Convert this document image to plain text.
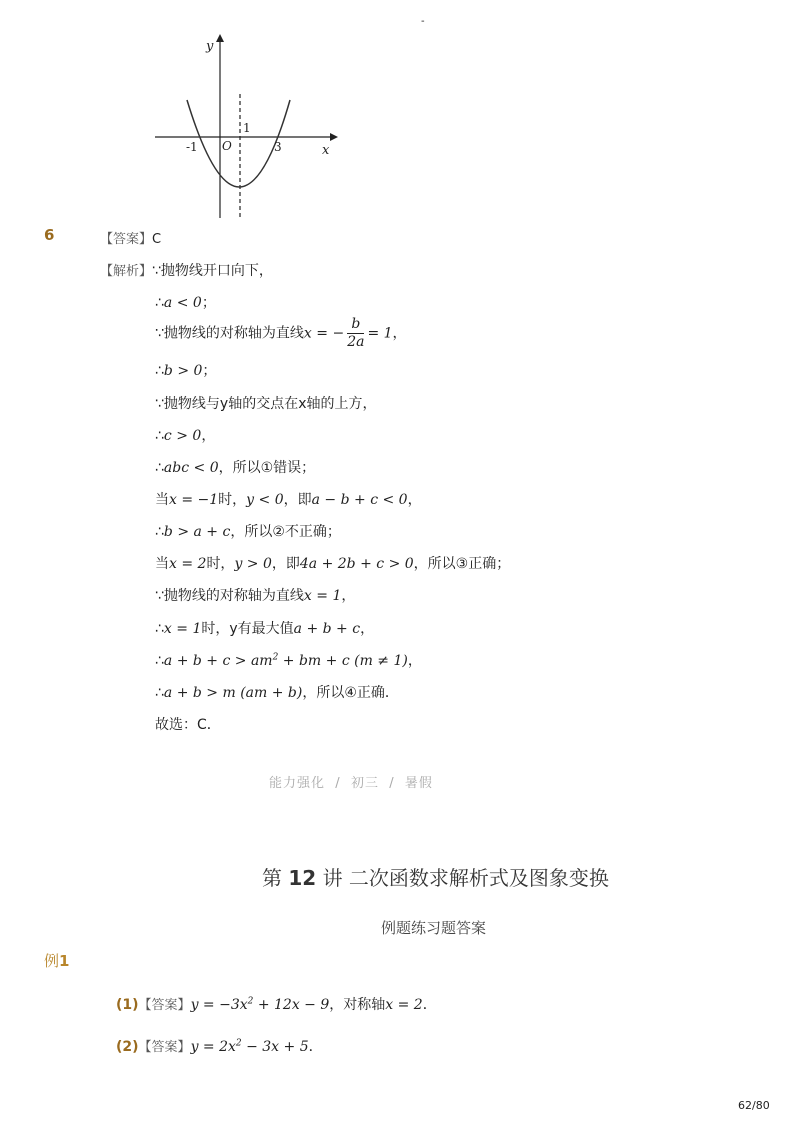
-
y
x
O
-1	3
1
6	【答案】C
【解析】∵抛物线开口向下，
∴a < 0；
∵抛物线的对称轴为直线x = − $\frac{b}{2a} = 1$，
∴b > 0；
∵抛物线与y轴的交点在x轴的上方，
∴c > 0，
∴abc < 0，所以①错误；
当x = −1时，y < 0，即a − b + c < 0，
∴b > a + c，所以②不正确；
当x = 2时，y > 0，即4a + 2b + c > 0，所以③正确；
∵抛物线的对称轴为直线x = 1，
∴x = 1时，y有最大值a + b + c，
∴a + $b + c > am^2$ + bm + c (m ≠ 1)，
∴a + b > m (am + b)，所以④正确．
故选：C．
能力强化 / 初三 / 暑假
第 12 讲 二次函数求解析式及图象变换
例题练习题答案
例1
(1)【答案】$y = -3x^2 + 12x - 9$，对称轴x = 2．
(2)【答案】$y = 2x^2 - 3x + 5$．
62/80
